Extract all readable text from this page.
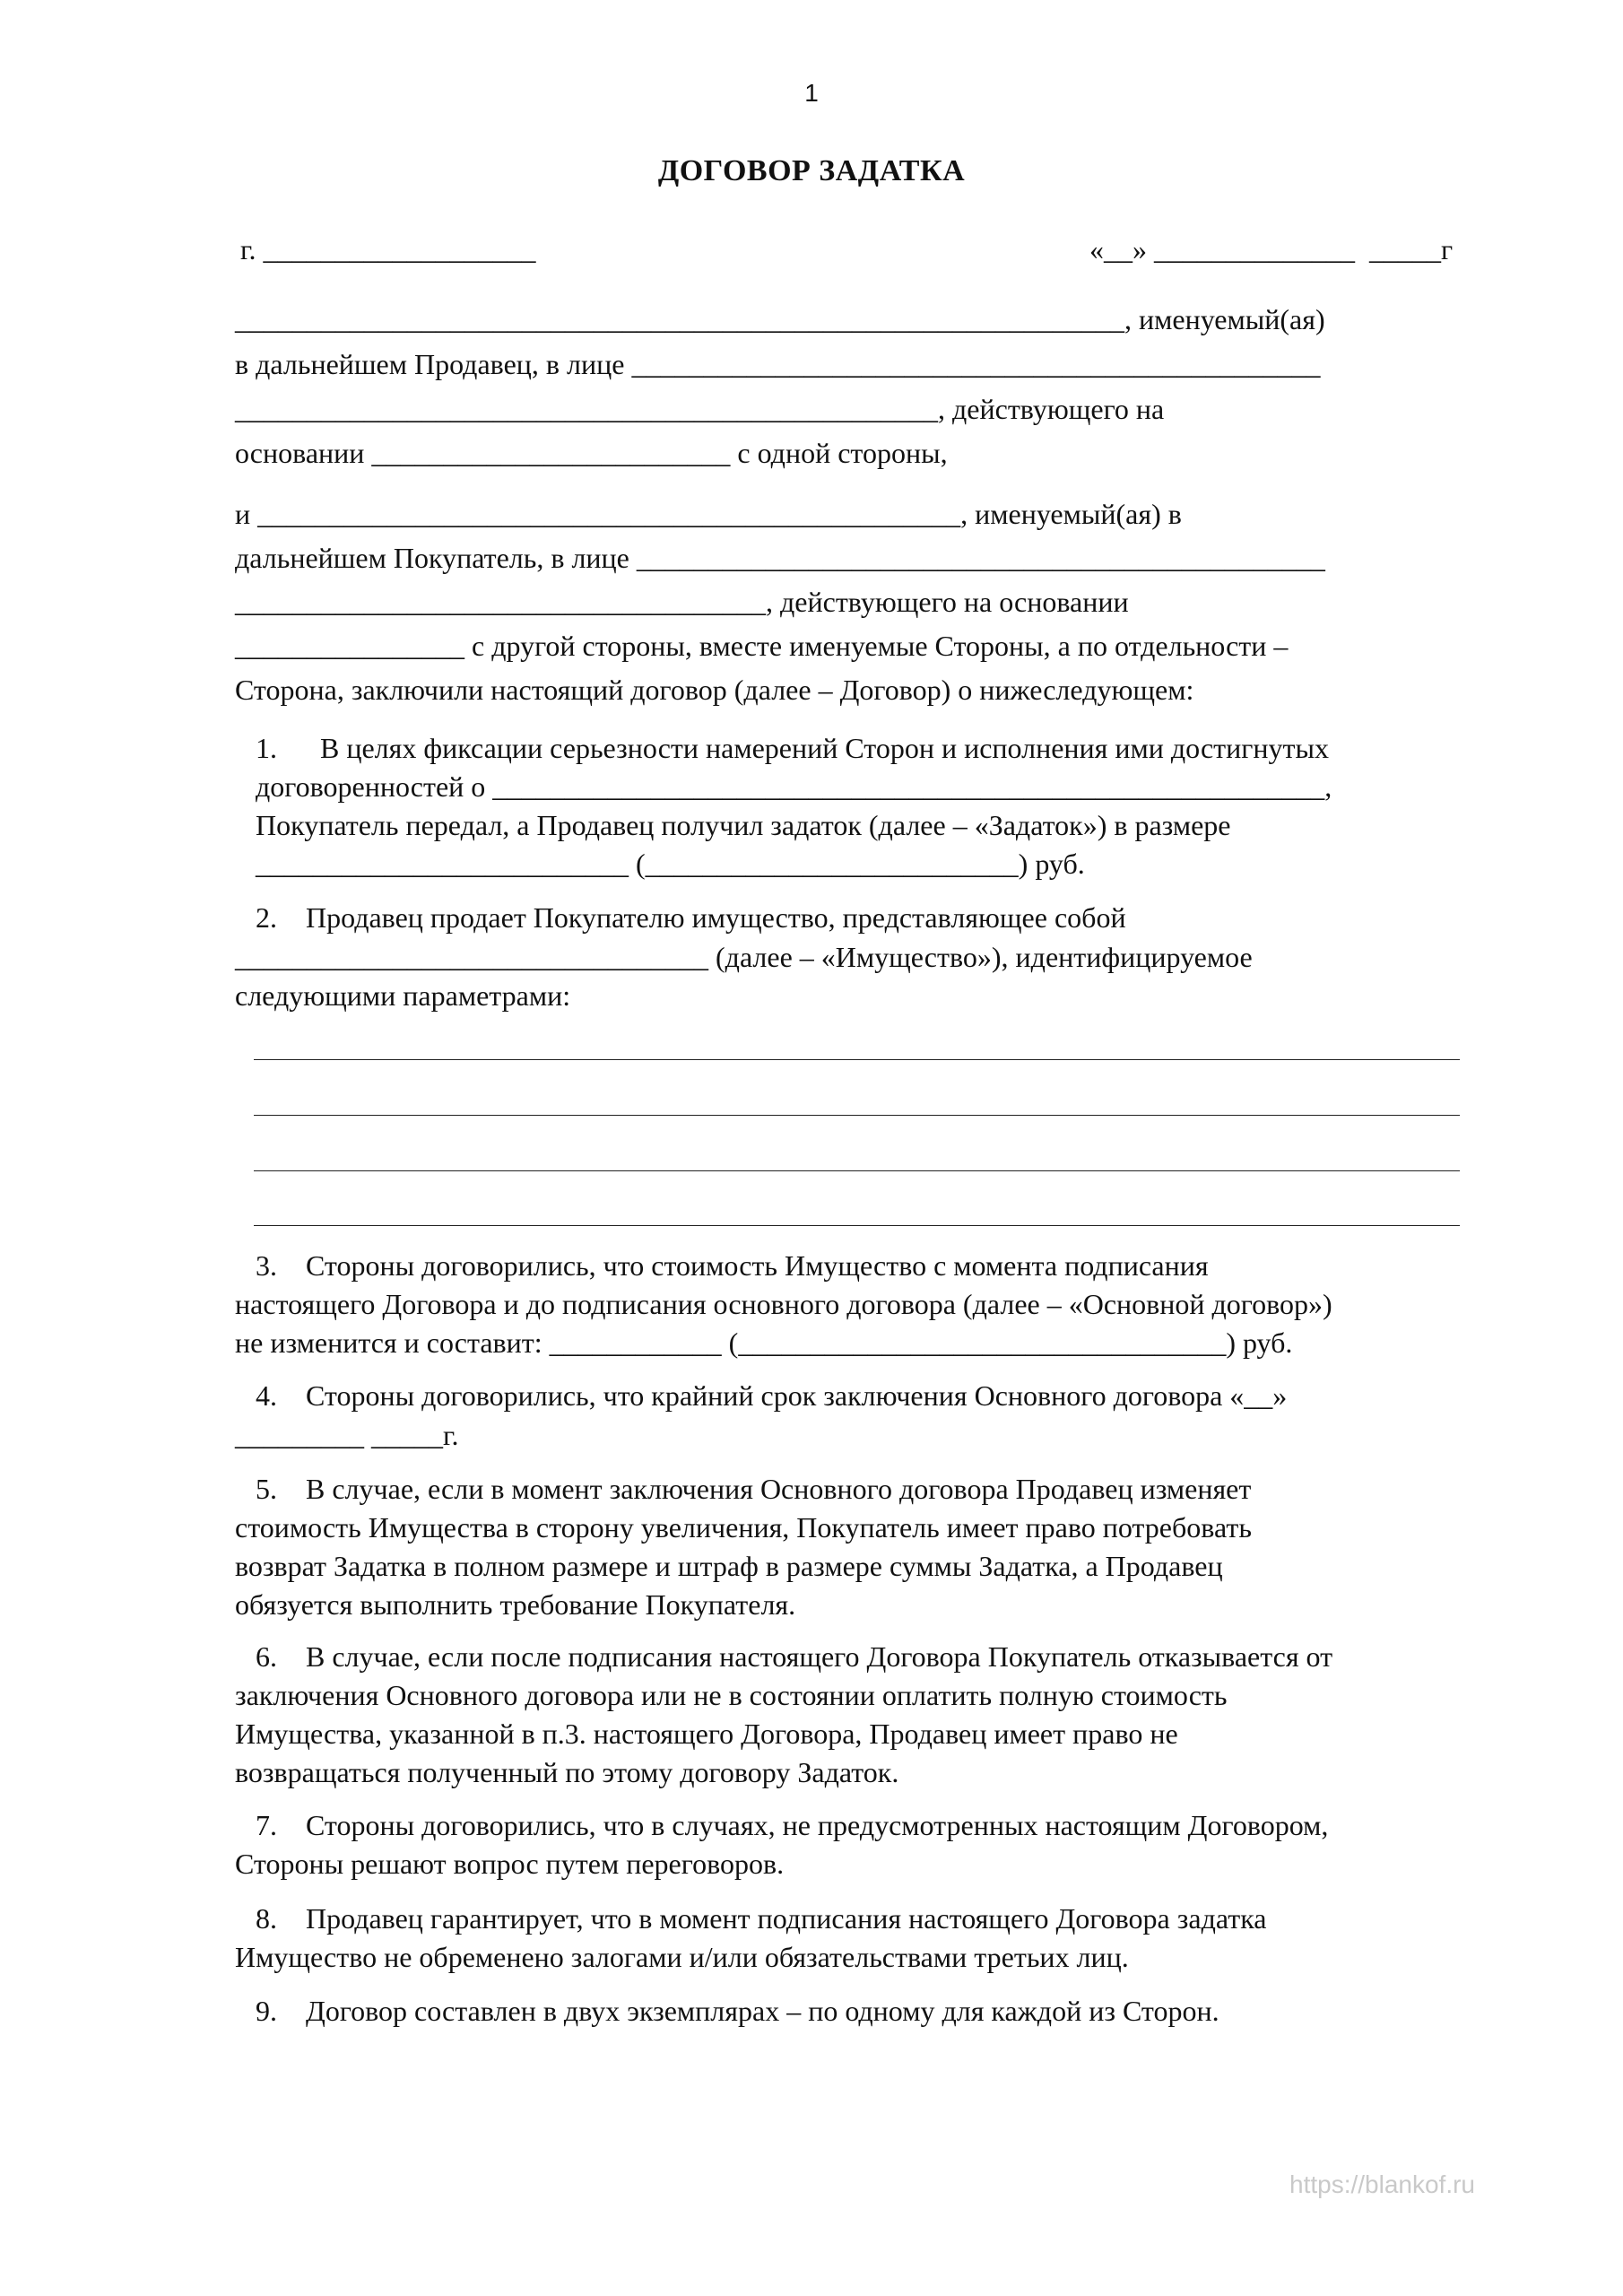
1
ДОГОВОР ЗАДАТКА
г. ___________________	«__» ______________  _____г
______________________________________________________________, именуемый(ая)
в дальнейшем Продавец, в лице ________________________________________________
_________________________________________________, действующего на
основании _________________________ с одной стороны,
и _________________________________________________, именуемый(ая) в
дальнейшем Покупатель, в лице ________________________________________________
_____________________________________, действующего на основании
________________ с другой стороны, вместе именуемые Стороны, а по отдельности –
Сторона, заключили настоящий договор (далее – Договор) о нижеследующем:
1.      В целях фиксации серьезности намерений Сторон и исполнения ими достигнутых
договоренностей о __________________________________________________________,
Покупатель передал, а Продавец получил задаток (далее – «Задаток») в размере
__________________________ (__________________________) руб.
2.    Продавец продает Покупателю имущество, представляющее собой
_________________________________ (далее – «Имущество»), идентифицируемое
следующими параметрами:
3.    Стороны договорились, что стоимость Имущество с момента подписания
настоящего Договора и до подписания основного договора (далее – «Основной договор»)
не изменится и составит: ____________ (__________________________________) руб.
4.    Стороны договорились, что крайний срок заключения Основного договора «__»
_________ _____г.
5.    В случае, если в момент заключения Основного договора Продавец изменяет
стоимость Имущества в сторону увеличения, Покупатель имеет право потребовать
возврат Задатка в полном размере и штраф в размере суммы Задатка, а Продавец
обязуется выполнить требование Покупателя.
6.    В случае, если после подписания настоящего Договора Покупатель отказывается от
заключения Основного договора или не в состоянии оплатить полную стоимость
Имущества, указанной в п.3. настоящего Договора, Продавец имеет право не
возвращаться полученный по этому договору Задаток.
7.    Стороны договорились, что в случаях, не предусмотренных настоящим Договором,
Стороны решают вопрос путем переговоров.
8.    Продавец гарантирует, что в момент подписания настоящего Договора задатка
Имущество не обременено залогами и/или обязательствами третьих лиц.
9.    Договор составлен в двух экземплярах – по одному для каждой из Сторон.
https://blankof.ru
